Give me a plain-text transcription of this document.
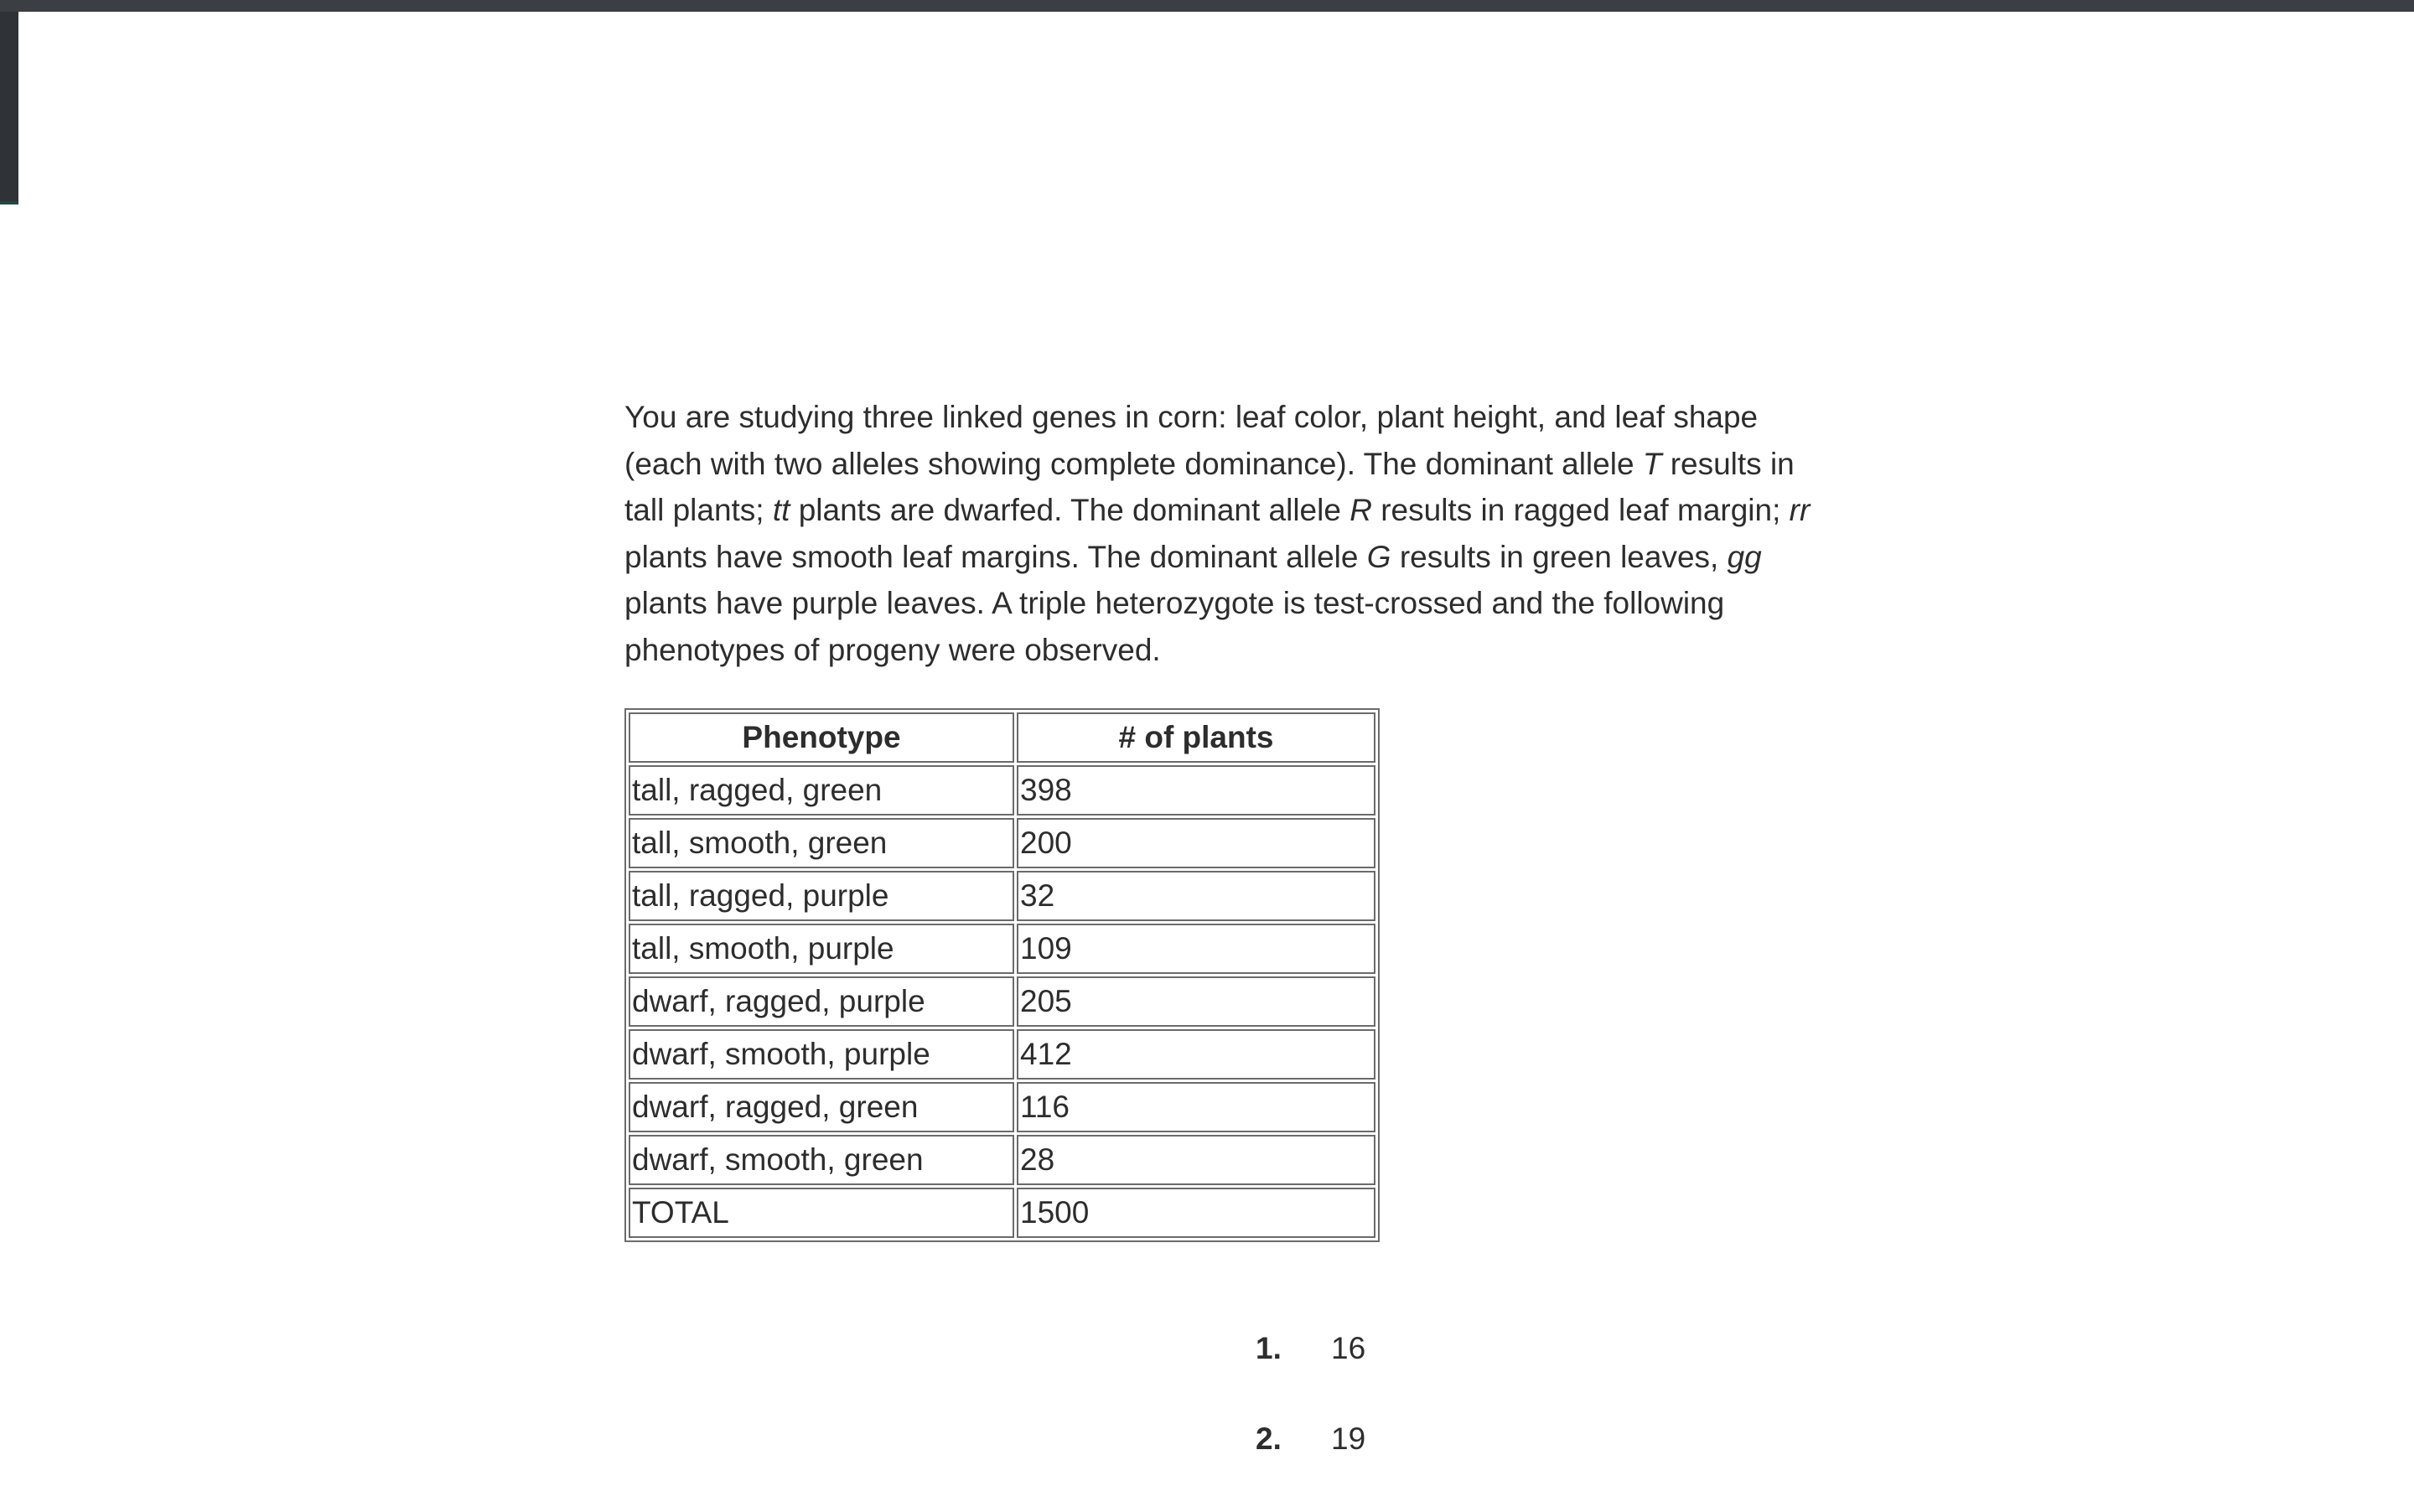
You are studying three linked genes in corn: leaf color, plant height, and leaf shape (each with two alleles showing complete dominance). The dominant allele T results in tall plants; tt plants are dwarfed. The dominant allele R results in ragged leaf margin; rr plants have smooth leaf margins. The dominant allele G results in green leaves, gg plants have purple leaves. A triple heterozygote is test-crossed and the following phenotypes of progeny were observed.

Phenotype	# of plants
tall, ragged, green	398
tall, smooth, green	200
tall, ragged, purple	32
tall, smooth, purple	109
dwarf, ragged, purple	205
dwarf, smooth, purple	412
dwarf, ragged, green	116
dwarf, smooth, green	28
TOTAL	1500
1.	16
2.	19
